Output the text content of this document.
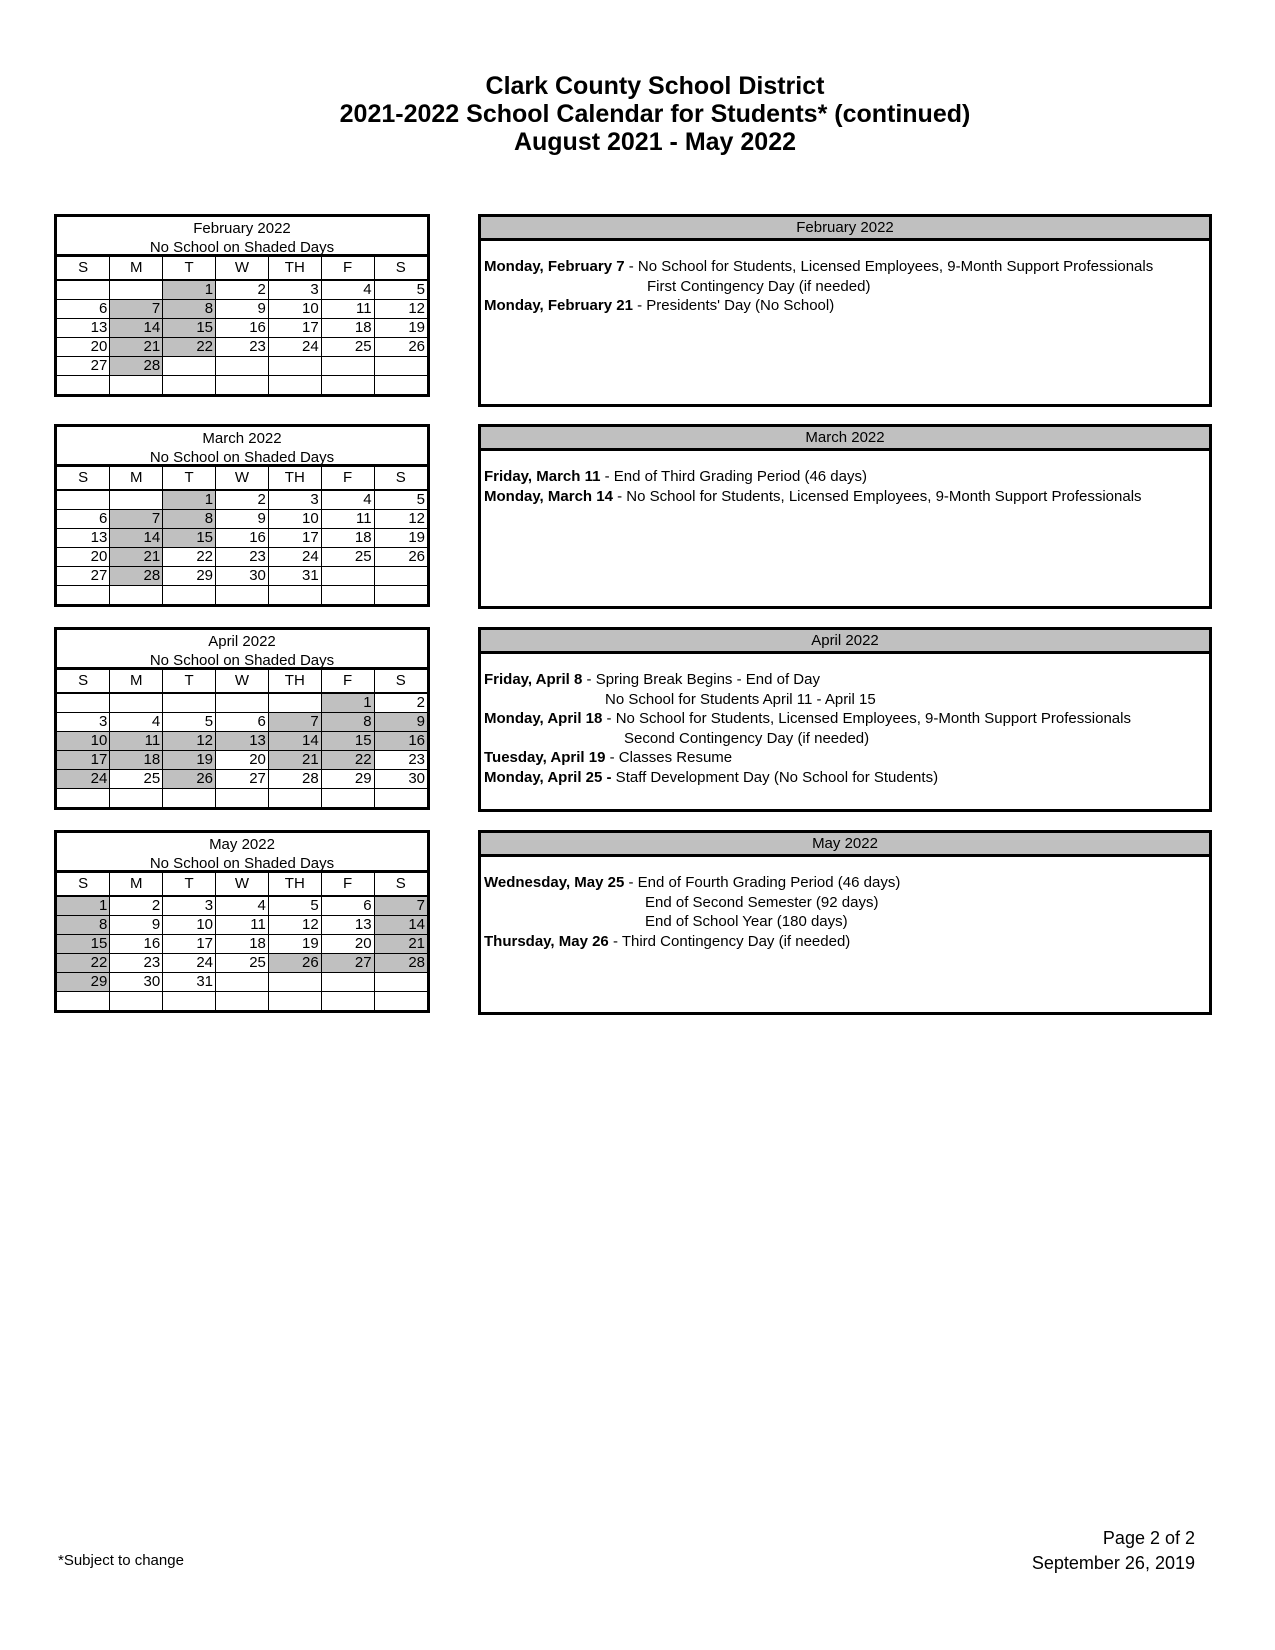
Clark County School District
2021-2022 School Calendar for Students* (continued)
August 2021 - May 2022
February 2022
No School on Shaded Days
S	M	T	W	TH	F	S
		1	2	3	4	5
6	7	8	9	10	11	12
13	14	15	16	17	18	19
20	21	22	23	24	25	26
27	28					

March 2022
No School on Shaded Days
S	M	T	W	TH	F	S
		1	2	3	4	5
6	7	8	9	10	11	12
13	14	15	16	17	18	19
20	21	22	23	24	25	26
27	28	29	30	31		

April 2022
No School on Shaded Days
S	M	T	W	TH	F	S
					1	2
3	4	5	6	7	8	9
10	11	12	13	14	15	16
17	18	19	20	21	22	23
24	25	26	27	28	29	30

May 2022
No School on Shaded Days
S	M	T	W	TH	F	S
1	2	3	4	5	6	7
8	9	10	11	12	13	14
15	16	17	18	19	20	21
22	23	24	25	26	27	28
29	30	31				

February 2022
Monday, February 7 - No School for Students, Licensed Employees, 9-Month Support Professionals
First Contingency Day (if needed)
Monday, February 21 - Presidents' Day (No School)
March 2022
Friday, March 11 - End of Third Grading Period (46 days)
Monday, March 14 - No School for Students, Licensed Employees, 9-Month Support Professionals
April 2022
Friday, April 8 - Spring Break Begins - End of Day
No School for Students April 11 - April 15
Monday, April 18 - No School for Students, Licensed Employees, 9-Month Support Professionals
Second Contingency Day (if needed)
Tuesday, April 19 - Classes Resume
Monday, April 25 - Staff Development Day (No School for Students)
May 2022
Wednesday, May 25 - End of Fourth Grading Period (46 days)
End of Second Semester (92 days)
End of School Year (180 days)
Thursday, May 26 - Third Contingency Day (if needed)
*Subject to change
Page 2 of 2
September 26, 2019
